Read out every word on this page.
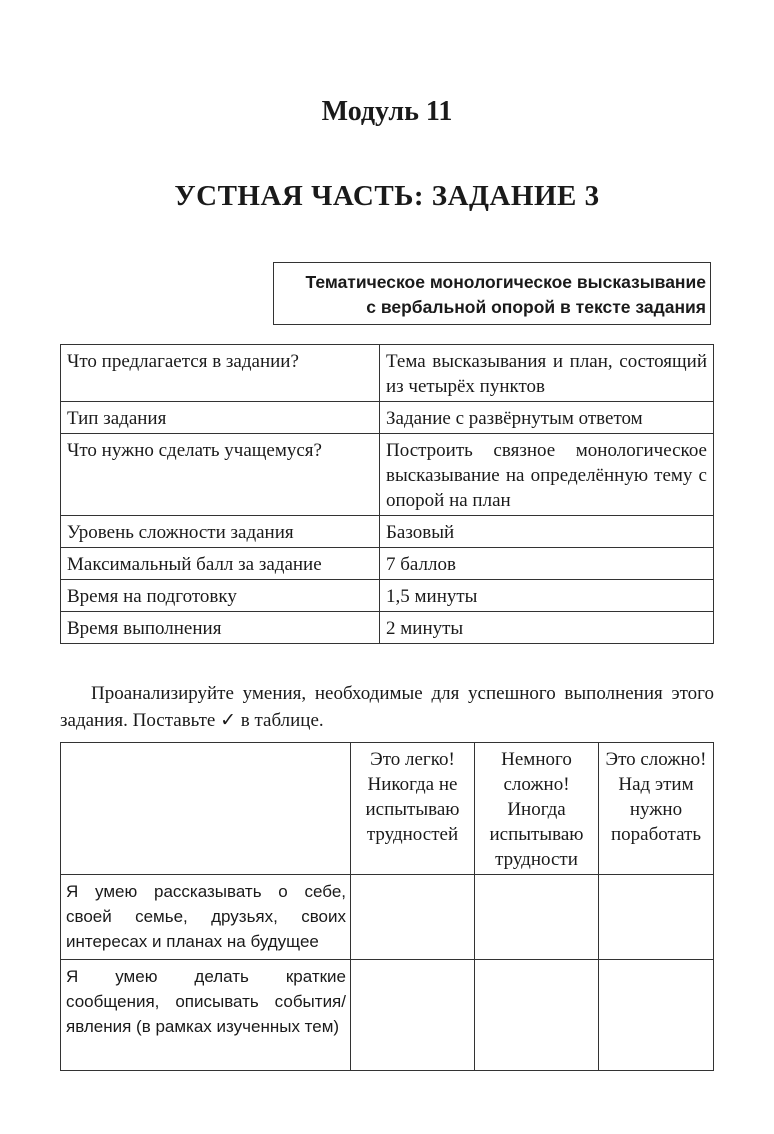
Модуль 11
УСТНАЯ ЧАСТЬ: ЗАДАНИЕ 3
Тематическое монологическое высказывание
с вербальной опорой в тексте задания
Что предлагается в задании?	Тема высказывания и план, состоящий из четырёх пунктов
Тип задания	Задание с развёрнутым ответом
Что нужно сделать учащемуся?	Построить связное монологическое высказывание на определённую тему с опорой на план
Уровень сложности задания	Базовый
Максимальный балл за задание	7 баллов
Время на подготовку	1,5 минуты
Время выполнения	2 минуты
Проанализируйте умения, необходимые для успешного выполнения этого задания. Поставьте ✓ в таблице.
	Это легко! Никогда не испытываю трудностей	Немного сложно! Иногда испытываю трудности	Это сложно! Над этим нужно поработать
Я умею рассказывать о себе, своей семье, друзьях, своих интересах и планах на будущее			
Я умею делать краткие сообщения, описывать события/явления (в рамках изученных тем)			
